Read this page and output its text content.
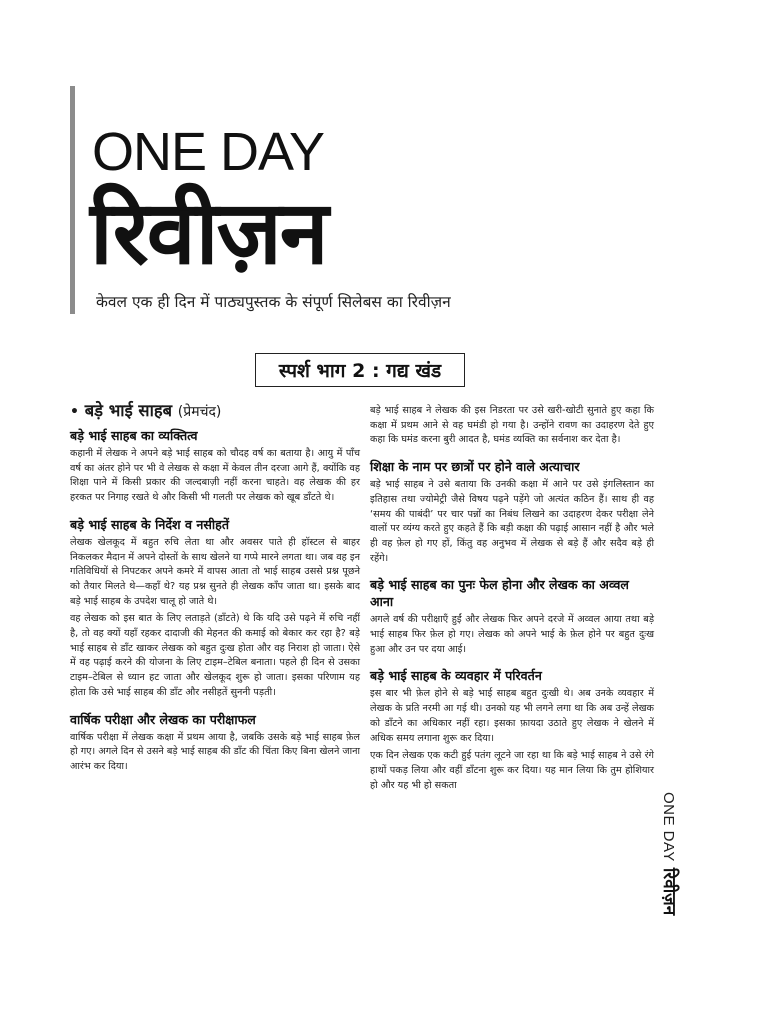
ONE DAY
रिवीज़न
केवल एक ही दिन में पाठ्यपुस्तक के संपूर्ण सिलेबस का रिवीज़न
स्पर्श भाग 2 : गद्य खंड
• बड़े भाई साहब (प्रेमचंद)
बड़े भाई साहब का व्यक्तित्व

कहानी में लेखक ने अपने बड़े भाई साहब को चौदह वर्ष का बताया है। आयु में पाँच वर्ष का अंतर होने पर भी वे लेखक से कक्षा में केवल तीन दरजा आगे हैं, क्योंकि वह शिक्षा पाने में किसी प्रकार की जल्दबाज़ी नहीं करना चाहते। वह लेखक की हर हरकत पर निगाह रखते थे और किसी भी गलती पर लेखक को खूब डाँटते थे।

बड़े भाई साहब के निर्देश व नसीहतें

लेखक खेलकूद में बहुत रुचि लेता था और अवसर पाते ही हॉस्टल से बाहर निकलकर मैदान में अपने दोस्तों के साथ खेलने या गप्पे मारने लगता था। जब वह इन गतिविधियों से निपटकर अपने कमरे में वापस आता तो भाई साहब उससे प्रश्न पूछने को तैयार मिलते थे—कहाँ थे? यह प्रश्न सुनते ही लेखक काँप जाता था। इसके बाद बड़े भाई साहब के उपदेश चालू हो जाते थे।

वह लेखक को इस बात के लिए लताड़ते (डाँटते) थे कि यदि उसे पढ़ने में रुचि नहीं है, तो वह क्यों यहाँ रहकर दादाजी की मेहनत की कमाई को बेकार कर रहा है? बड़े भाई साहब से डाँट खाकर लेखक को बहुत दुःख होता और वह निराश हो जाता। ऐसे में वह पढ़ाई करने की योजना के लिए टाइम–टेबिल बनाता। पहले ही दिन से उसका टाइम–टेबिल से ध्यान हट जाता और खेलकूद शुरू हो जाता। इसका परिणाम यह होता कि उसे भाई साहब की डाँट और नसीहतें सुननी पड़ती।

वार्षिक परीक्षा और लेखक का परीक्षाफल

वार्षिक परीक्षा में लेखक कक्षा में प्रथम आया है, जबकि उसके बड़े भाई साहब फ़ेल हो गए। अगले दिन से उसने बड़े भाई साहब की डाँट की चिंता किए बिना खेलने जाना आरंभ कर दिया।

बड़े भाई साहब ने लेखक की इस निडरता पर उसे खरी-खोटी सुनाते हुए कहा कि कक्षा में प्रथम आने से वह घमंडी हो गया है। उन्होंने रावण का उदाहरण देते हुए कहा कि घमंड करना बुरी आदत है, घमंड व्यक्ति का सर्वनाश कर देता है।

शिक्षा के नाम पर छात्रों पर होने वाले अत्याचार

बड़े भाई साहब ने उसे बताया कि उनकी कक्षा में आने पर उसे इंगलिस्तान का इतिहास तथा ज्योमेट्री जैसे विषय पढ़ने पड़ेंगे जो अत्यंत कठिन हैं। साथ ही वह ‘समय की पाबंदी’ पर चार पन्नों का निबंध लिखने का उदाहरण देकर परीक्षा लेने वालों पर व्यंग्य करते हुए कहते हैं कि बड़ी कक्षा की पढ़ाई आसान नहीं है और भले ही वह फ़ेल हो गए हों, किंतु वह अनुभव में लेखक से बड़े हैं और सदैव बड़े ही रहेंगे।

बड़े भाई साहब का पुनः फेल होना और लेखक का अव्वल आना

अगले वर्ष की परीक्षाएँ हुईं और लेखक फिर अपने दरजे में अव्वल आया तथा बड़े भाई साहब फिर फ़ेल हो गए। लेखक को अपने भाई के फ़ेल होने पर बहुत दुःख हुआ और उन पर दया आई।

बड़े भाई साहब के व्यवहार में परिवर्तन

इस बार भी फ़ेल होने से बड़े भाई साहब बहुत दुःखी थे। अब उनके व्यवहार में लेखक के प्रति नरमी आ गई थी। उनको यह भी लगने लगा था कि अब उन्हें लेखक को डाँटने का अधिकार नहीं रहा। इसका फ़ायदा उठाते हुए लेखक ने खेलने में अधिक समय लगाना शुरू कर दिया।

एक दिन लेखक एक कटी हुई पतंग लूटने जा रहा था कि बड़े भाई साहब ने उसे रंगे हाथों पकड़ लिया और वहीं डाँटना शुरू कर दिया। यह मान लिया कि तुम होशियार हो और यह भी हो सकता

ONE DAY
रिवीज़न
